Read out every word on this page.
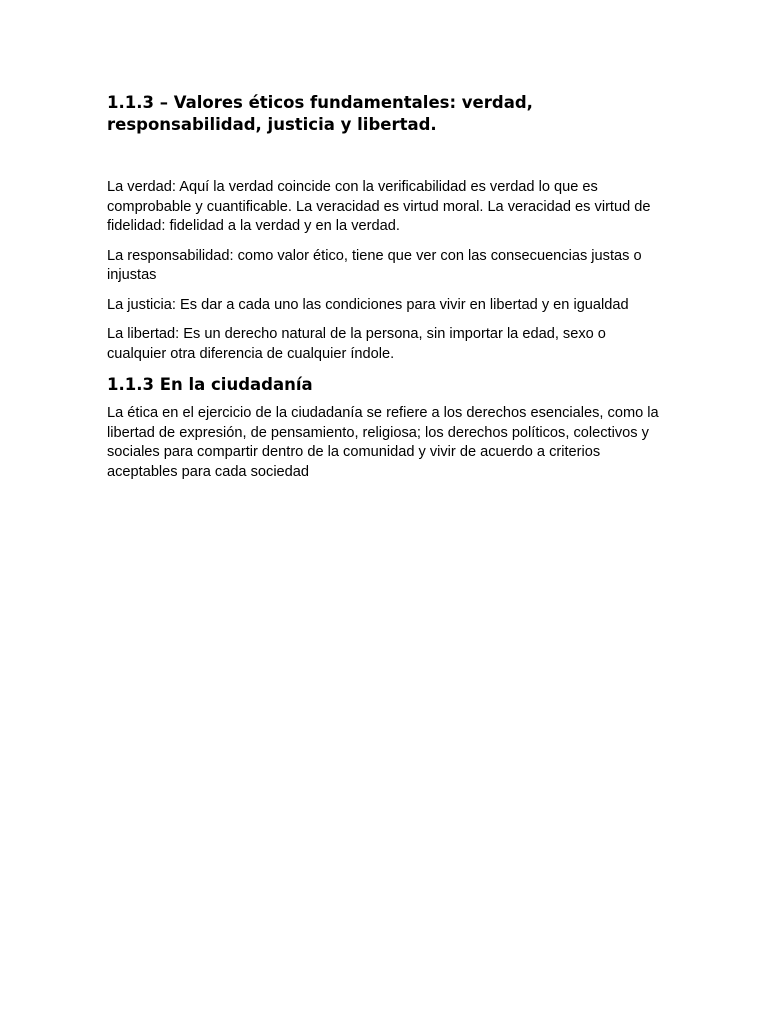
1.1.3 – Valores éticos fundamentales: verdad, responsabilidad, justicia y libertad.

La verdad: Aquí la verdad coincide con la verificabilidad es verdad lo que es comprobable y cuantificable. La veracidad es virtud moral. La veracidad es virtud de fidelidad: fidelidad a la verdad y en la verdad.

La responsabilidad: como valor ético, tiene que ver con las consecuencias justas o injustas

La justicia: Es dar a cada uno las condiciones para vivir en libertad y en igualdad

La libertad: Es un derecho natural de la persona, sin importar la edad, sexo o cualquier otra diferencia de cualquier índole.

1.1.3 En la ciudadanía

La ética en el ejercicio de la ciudadanía se refiere a los derechos esenciales, como la libertad de expresión, de pensamiento, religiosa; los derechos políticos, colectivos y sociales para compartir dentro de la comunidad y vivir de acuerdo a criterios aceptables para cada sociedad
